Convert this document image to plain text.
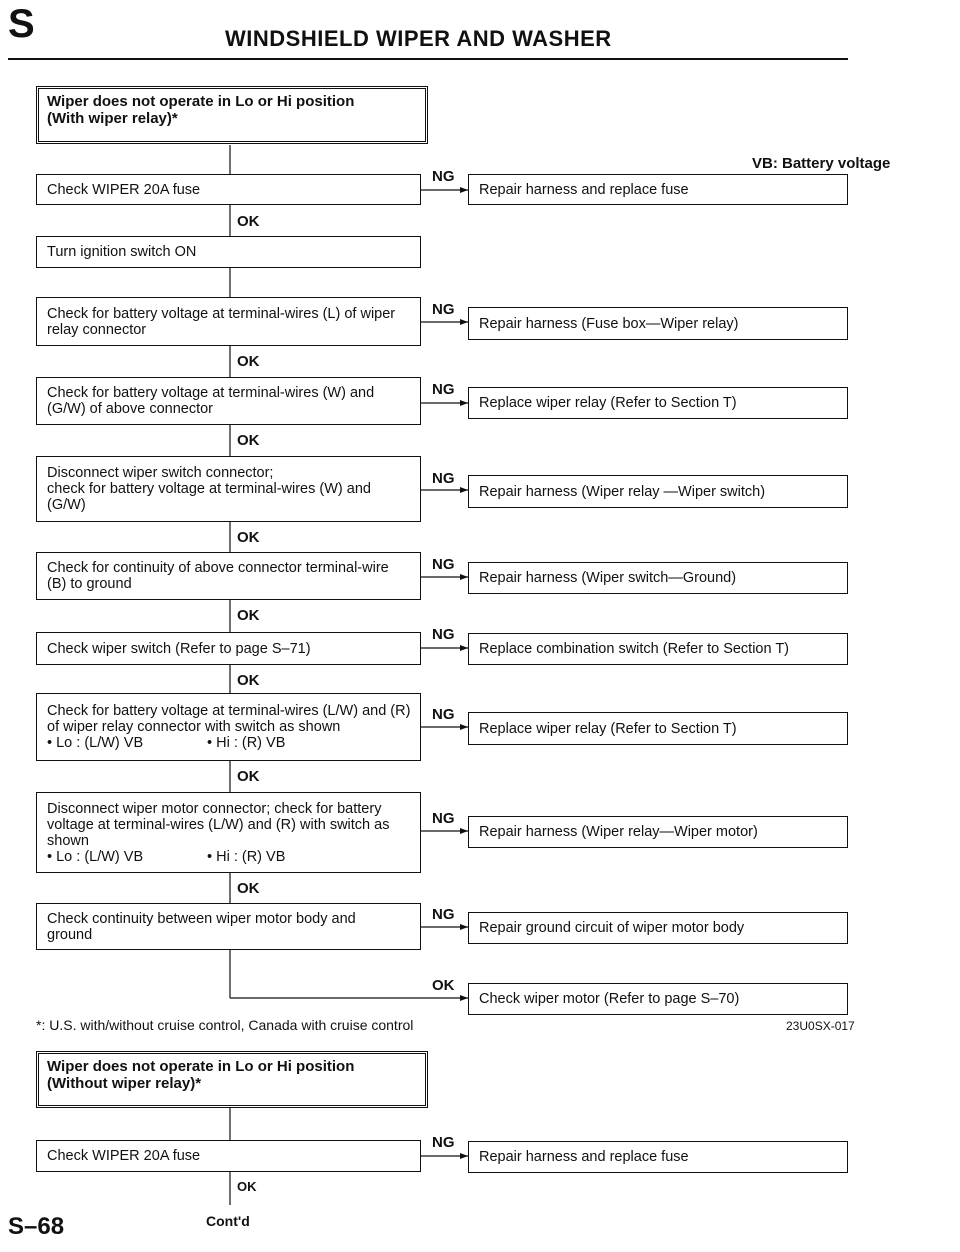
S	WINDSHIELD WIPER AND WASHER
Wiper does not operate in Lo or Hi position
(With wiper relay)*
VB: Battery voltage
Check WIPER 20A fuse
NG
Repair harness and replace fuse
OK
Turn ignition switch ON
Check for battery voltage at terminal-wires (L) of wiper
relay connector
NG
Repair harness (Fuse box—Wiper relay)
OK
Check for battery voltage at terminal-wires (W) and
(G/W) of above connector
NG
Replace wiper relay (Refer to Section T)
OK
Disconnect wiper switch connector;
check for battery voltage at terminal-wires (W) and
(G/W)
NG
Repair harness (Wiper relay —Wiper switch)
OK
Check for continuity of above connector terminal-wire
(B) to ground
NG
Repair harness (Wiper switch—Ground)
OK
Check wiper switch (Refer to page S–71)
NG
Replace combination switch (Refer to Section T)
OK
Check for battery voltage at terminal-wires (L/W) and (R)
of wiper relay connector with switch as shown
• Lo : (L/W) VB	• Hi : (R) VB
NG
Replace wiper relay (Refer to Section T)
OK
Disconnect wiper motor connector; check for battery
voltage at terminal-wires (L/W) and (R) with switch as
shown
• Lo : (L/W) VB	• Hi : (R) VB
NG
Repair harness (Wiper relay—Wiper motor)
OK
Check continuity between wiper motor body and
ground
NG
Repair ground circuit of wiper motor body
OK
Check wiper motor (Refer to page S–70)
*: U.S. with/without cruise control, Canada with cruise control	23U0SX-017
Wiper does not operate in Lo or Hi position
(Without wiper relay)*
Check WIPER 20A fuse
NG
Repair harness and replace fuse
OK
S–68	Cont'd
